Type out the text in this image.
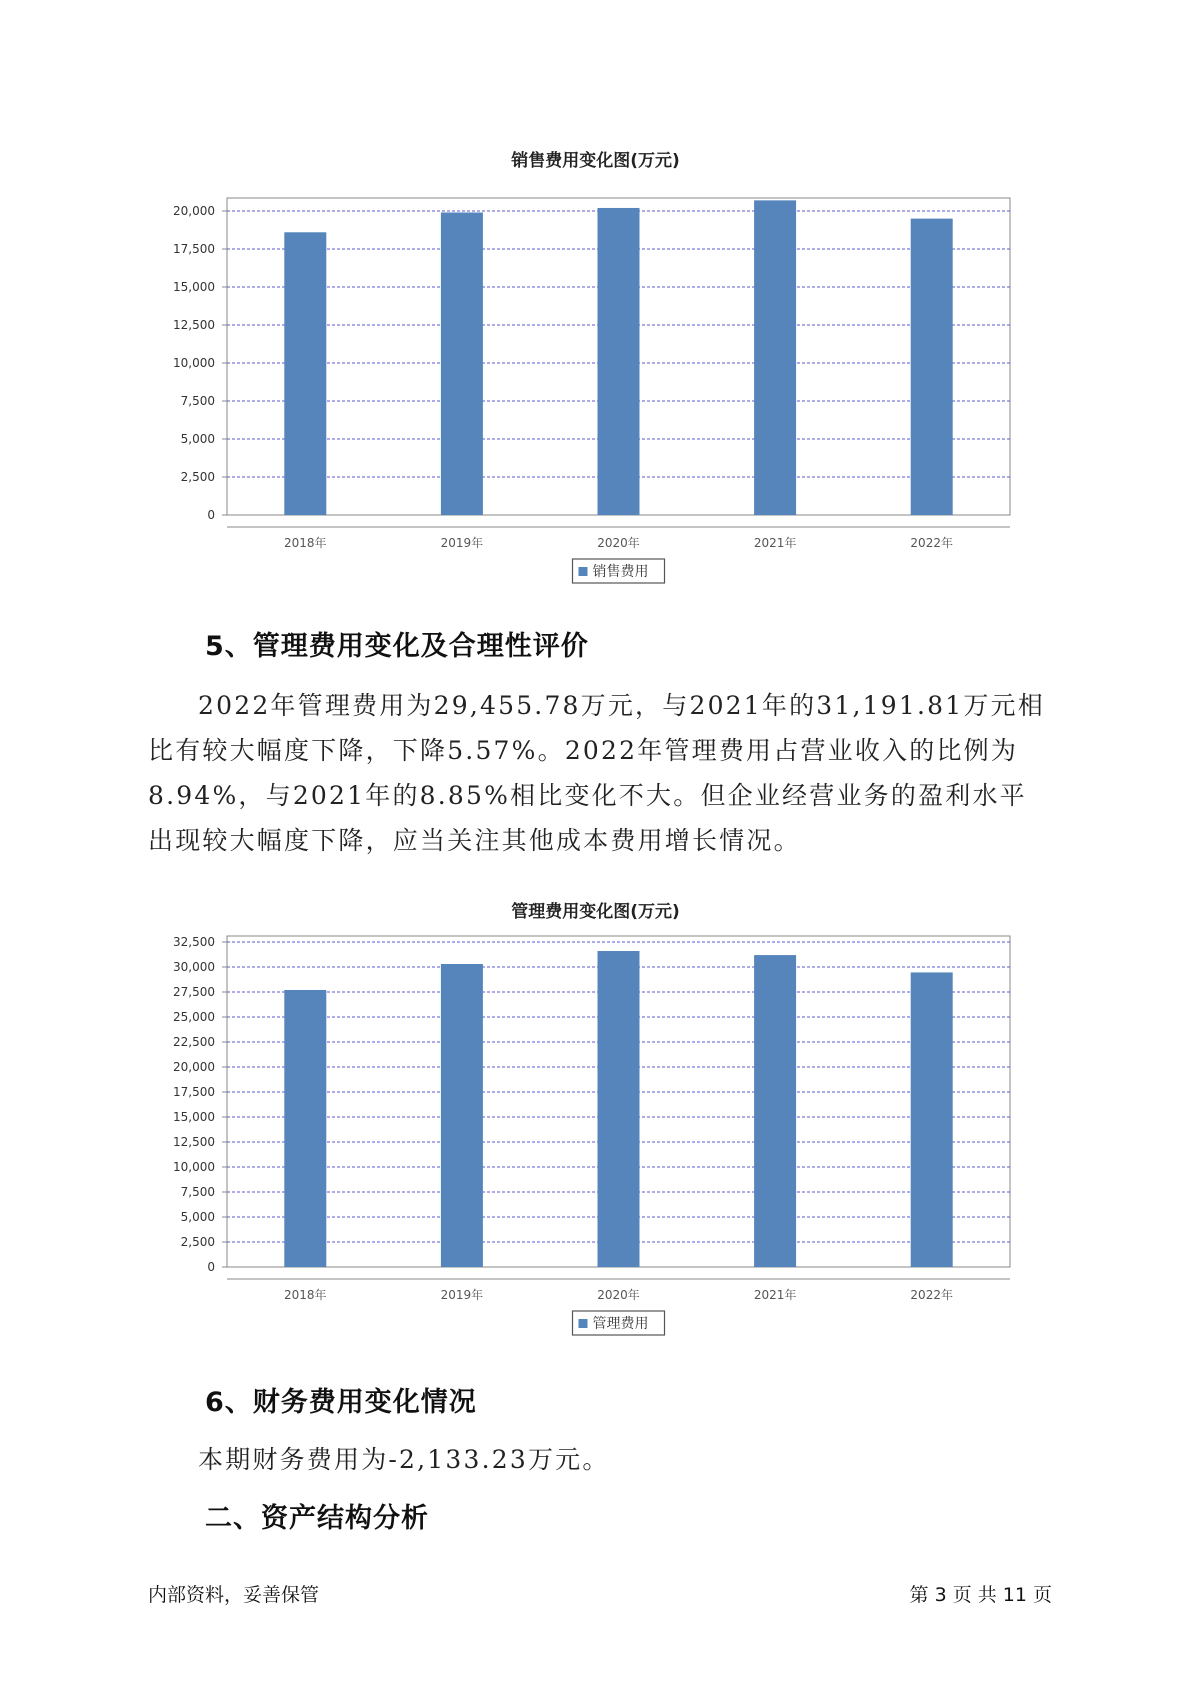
销售费用变化图(万元)
0
2,500
5,000
7,500
10,000
12,500
15,000
17,500
20,000
2018年	2019年	2020年	2021年	2022年
销售费用
5、管理费用变化及合理性评价

2022年管理费用为29,455.78万元，与2021年的31,191.81万元相比有较大幅度下降，下降5.57%。2022年管理费用占营业收入的比例为8.94%，与2021年的8.85%相比变化不大。但企业经营业务的盈利水平出现较大幅度下降，应当关注其他成本费用增长情况。

管理费用变化图(万元)
0
2,500
5,000
7,500
10,000
12,500
15,000
17,500
20,000
22,500
25,000
27,500
30,000
32,500
2018年	2019年	2020年	2021年	2022年
管理费用
6、财务费用变化情况

本期财务费用为-2,133.23万元。

二、资产结构分析
内部资料，妥善保管	第 3 页 共 11 页
